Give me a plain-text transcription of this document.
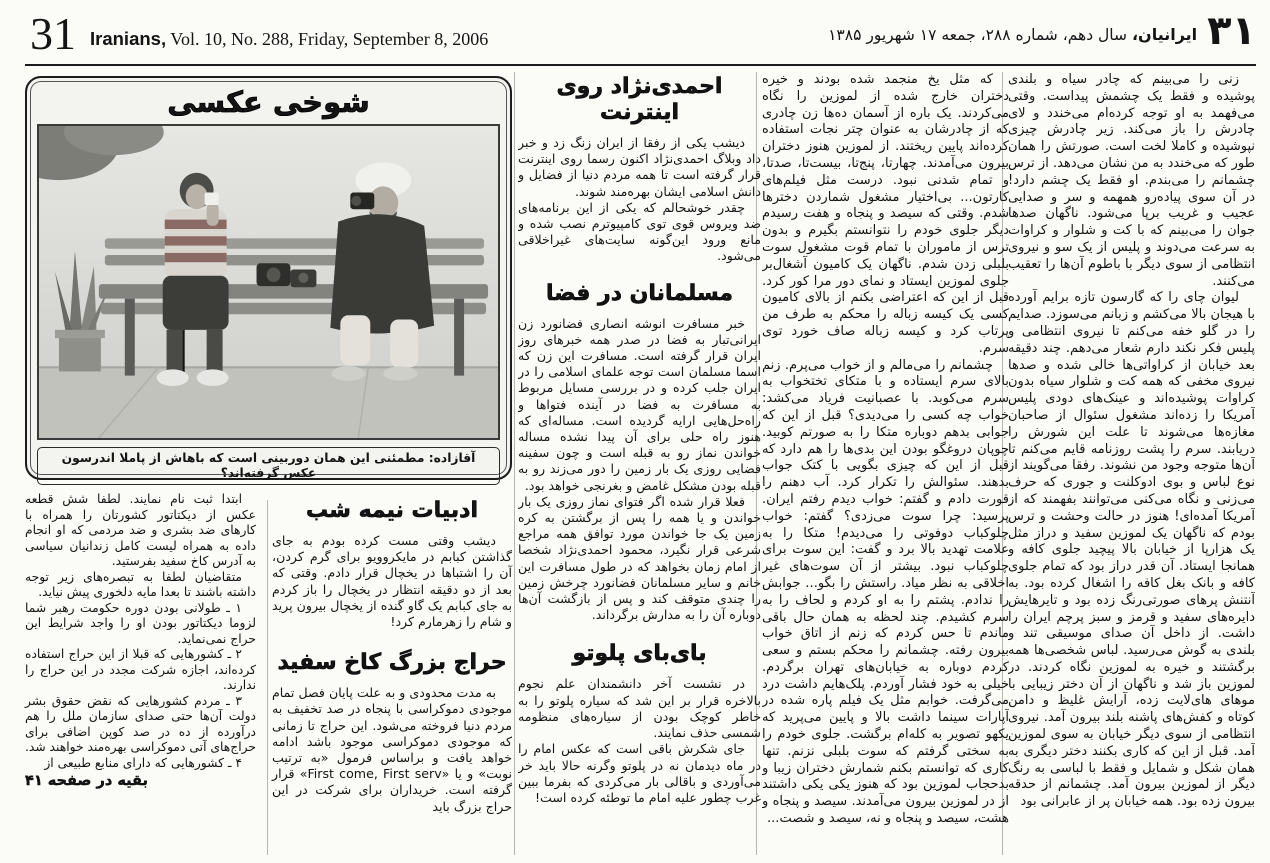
31 Iranians, Vol. 10, No. 288, Friday, September 8, 2006	۳۱
ایرانیان، سال دهم، شماره ۲۸۸، جمعه ۱۷ شهریور ۱۳۸۵

زنی را می‌بینم که چادر سیاه و بلندی پوشیده و فقط یک چشمش پیداست. وقتی می‌فهمد به او توجه کرده‌ام می‌خندد و لای چادرش را باز می‌کند. زیر چادرش چیزی نپوشیده و کاملا لخت است. صورتش را همان طور که می‌خندد به من نشان می‌دهد. از ترس چشمانم را می‌بندم. او فقط یک چشم دارد! در آن سوی پیاده‌رو همهمه و سر و صدایی عجیب و غریب برپا می‌شود. ناگهان صدها جوان را می‌بینم که با کت و شلوار و کراوات به سرعت می‌دوند و پلیس از یک سو و نیروی انتظامی از سوی دیگر با باطوم آن‌ها را تعقیب می‌کنند.

لیوان چای را که گارسون تازه برایم آورده با هیجان بالا می‌کشم و زبانم می‌سوزد. صدایم را در گلو خفه می‌کنم تا نیروی انتظامی و پلیس فکر نکند دارم شعار می‌دهم. چند دقیقه بعد خیابان از کراواتی‌ها خالی شده و صدها نیروی مخفی که همه کت و شلوار سیاه بدون کراوات پوشیده‌اند و عینک‌های دودی پلیس آمریکا را زده‌اند مشغول سئوال از صاحبان مغازه‌ها می‌شوند تا علت این شورش را دریابند. سرم را پشت روزنامه قایم می‌کنم تا آن‌ها متوجه وجود من نشوند. رفقا می‌گویند از نوع لباس و بوی ادوکلنت و جوری که حرف می‌زنی و نگاه می‌کنی می‌توانند بفهمند که از آمریکا آمده‌ای! هنوز در حالت وحشت و ترس بودم که ناگهان یک لموزین سفید و دراز مثل یک هزارپا از خیابان بالا پیچید جلوی کافه و همانجا ایستاد. آن قدر دراز بود که تمام جلوی کافه و بانک بغل کافه را اشغال کرده بود. به آنتنش پرهای صورتی‌رنگ زده بود و تایرهایش دایره‌های سفید و قرمز و سبز پرچم ایران را داشت. از داخل آن صدای موسیقی تند و بلندی به گوش می‌رسید. لباس شخصی‌ها همه برگشتند و خیره به لموزین نگاه کردند. در لموزین باز شد و ناگهان از آن دختر زیبایی با موهای های‌لایت زده، آرایش غلیظ و دامن کوتاه و کفش‌های پاشنه بلند بیرون آمد. نیروی انتظامی از سوی دیگر خیابان به سوی لموزین آمد. قبل از این که کاری بکنند دختر دیگری به همان شکل و شمایل و فقط با لباسی به رنگ دیگر از لموزین بیرون آمد. چشمانم از حدقه بیرون زده بود. همه خیابان پر از عابرانی بود

که مثل یخ منجمد شده بودند و خیره دختران خارج شده از لموزین را نگاه می‌کردند. یک باره از آسمان ده‌ها زن چادری که از چادرشان به عنوان چتر نجات استفاده کرده‌اند پایین ریختند. از لموزین هنوز دختران بیرون می‌آمدند. چهارتا، پنج‌تا، بیست‌تا، صدتا، و تمام شدنی نبود. درست مثل فیلم‌های کارتون... بی‌اختیار مشغول شماردن دخترها شدم. وقتی که سیصد و پنجاه و هفت رسیدم دیگر جلوی خودم را نتوانستم بگیرم و بدون ترس از ماموران با تمام قوت مشغول سوت بلبلی زدن شدم. ناگهان یک کامیون آشغال‌بر جلوی لموزین ایستاد و نمای دور مرا کور کرد. قبل از این که اعتراضی بکنم از بالای کامیون کسی یک کیسه زباله را محکم به طرف من پرتاب کرد و کیسه زباله صاف خورد توی سرم.

چشمانم را می‌مالم و از خواب می‌پرم. زنم بالای سرم ایستاده و با متکای تختخواب به سرم می‌کوبد. با عصبانیت فریاد می‌کشد: خواب چه کسی را می‌دیدی؟ قبل از این که جوابی بدهم دوباره متکا را به صورتم کوبید. چوپان دروغگو بودن این بدی‌ها را هم دارد که قبل از این که چیزی بگویی با کتک جواب بدهند. سئوالش را تکرار کرد. آب دهنم را قورت دادم و گفتم: خواب دیدم رفتم ایران. پرسید: چرا سوت می‌زدی؟ گفتم: خواب چلوکباب دوفوتی را می‌دیدم! متکا را به علامت تهدید بالا برد و گفت: این سوت برای چلوکباب نبود. بیشتر از آن سوت‌های غیر اخلاقی به نظر میاد. راستش را بگو... جوابش را ندادم. پشتم را به او کردم و لحاف را به سرم کشیدم. چند لحظه به همان حال باقی ماندم تا حس کردم که زنم از اتاق خواب بیرون رفته. چشمانم را محکم بستم و سعی کردم دوباره به خیابان‌های تهران برگردم. خیلی به خود فشار آوردم. پلک‌هایم داشت درد می‌گرفت. خوابم مثل یک فیلم پاره شده در آپارات سینما داشت بالا و پایین می‌پرید که یکهو تصویر به کله‌ام برگشت. جلوی خودم را به سختی گرفتم که سوت بلبلی نزنم. تنها کاری که توانستم بکنم شمارش دختران زیبا و بدحجاب لموزین بود که هنوز یکی یکی داشتند از در لموزین بیرون می‌آمدند. سیصد و پنجاه و هشت، سیصد و پنجاه و نه، سیصد و شصت...

احمدی‌نژاد روی اینترنت

دیشب یکی از رفقا از ایران زنگ زد و خبر داد وبلاگ احمدی‌نژاد اکنون رسما روی اینترنت قرار گرفته است تا همه مردم دنیا از فضایل و دانش اسلامی ایشان بهره‌مند شوند.

چقدر خوشحالم که یکی از این برنامه‌های ضد ویروس قوی توی کامپیوترم نصب شده و مانع ورود این‌گونه سایت‌های غیراخلاقی می‌شود.

مسلمانان در فضا

خبر مسافرت انوشه انصاری فضانورد زن ایرانی‌تبار به فضا در صدر همه خبرهای روز ایران قرار گرفته است. مسافرت این زن که اسما مسلمان است توجه علمای اسلامی را در ایران جلب کرده و در بررسی مسایل مربوط به مسافرت به فضا در آینده فتواها و راه‌حل‌هایی ارایه گردیده است. مساله‌ای که هنوز راه حلی برای آن پیدا نشده مساله خواندن نماز رو به قبله است و چون سفینه فضایی روزی یک بار زمین را دور می‌زند رو به قبله بودن مشکل غامض و بغرنجی خواهد بود.

فعلا قرار شده اگر فتوای نماز روزی یک بار خواندن و یا همه را پس از برگشتن به کره زمین یک جا خواندن مورد توافق همه مراجع شرعی قرار نگیرد، محمود احمدی‌نژاد شخصا از امام زمان بخواهد که در طول مسافرت این خانم و سایر مسلمانان فضانورد چرخش زمین را چندی متوقف کند و پس از بازگشت آن‌ها دوباره آن را به مدارش برگرداند.

بای‌بای پلوتو

در نشست آخر دانشمندان علم نجوم بالاخره قرار بر این شد که سیاره پلوتو را به خاطر کوچک بودن از سیاره‌های منظومه شمسی حذف نمایند.

جای شکرش باقی است که عکس امام را در ماه دیدمان نه در پلوتو وگرنه حالا باید خر می‌آوردی و باقالی بار می‌کردی که بفرما ببین غرب چطور علیه امام ما توطئه کرده است!

شوخی عکسی
آقازاده: مطمئنی این همان دوربینی است که باهاش از پاملا اندرسون عکس گرفته‌اند؟
ادبیات نیمه شب

دیشب وقتی مست کرده بودم به جای گذاشتن کبابم در مایکروویو برای گرم کردن، آن را اشتباها در یخچال قرار دادم. وقتی که بعد از دو دقیقه انتظار در یخچال را باز کردم به جای کبابم یک گاو گنده از یخچال بیرون پرید و شام را زهرمارم کرد!

حراج بزرگ کاخ سفید

به مدت محدودی و به علت پایان فصل تمام موجودی دموکراسی با پنجاه در صد تخفیف به مردم دنیا فروخته می‌شود. این حراج تا زمانی که موجودی دموکراسی موجود باشد ادامه خواهد یافت و براساس فرمول «به ترتیب نوبت» و یا «First come, First serv» قرار گرفته است. خریداران برای شرکت در این حراج بزرگ باید

ابتدا ثبت نام نمایند. لطفا شش قطعه عکس از دیکتاتور کشورتان را همراه با کارهای ضد بشری و ضد مردمی که او انجام داده به همراه لیست کامل زندانیان سیاسی به آدرس کاخ سفید بفرستید.

متقاضیان لطفا به تبصره‌های زیر توجه داشته باشند تا بعدا مایه دلخوری پیش نیاید.

۱ ـ طولانی بودن دوره حکومت رهبر شما لزوما دیکتاتور بودن او را واجد شرایط این حراج نمی‌نماید.

۲ ـ کشورهایی که قبلا از این حراج استفاده کرده‌اند، اجازه شرکت مجدد در این حراج را ندارند.

۳ ـ مردم کشورهایی که نقض حقوق بشر دولت آن‌ها حتی صدای سازمان ملل را هم درآورده از ده در صد کوپن اضافی برای حراج‌های آتی دموکراسی بهره‌مند خواهند شد.

۴ ـ کشورهایی که دارای منابع طبیعی از

بقیه در صفحه ۴۱
